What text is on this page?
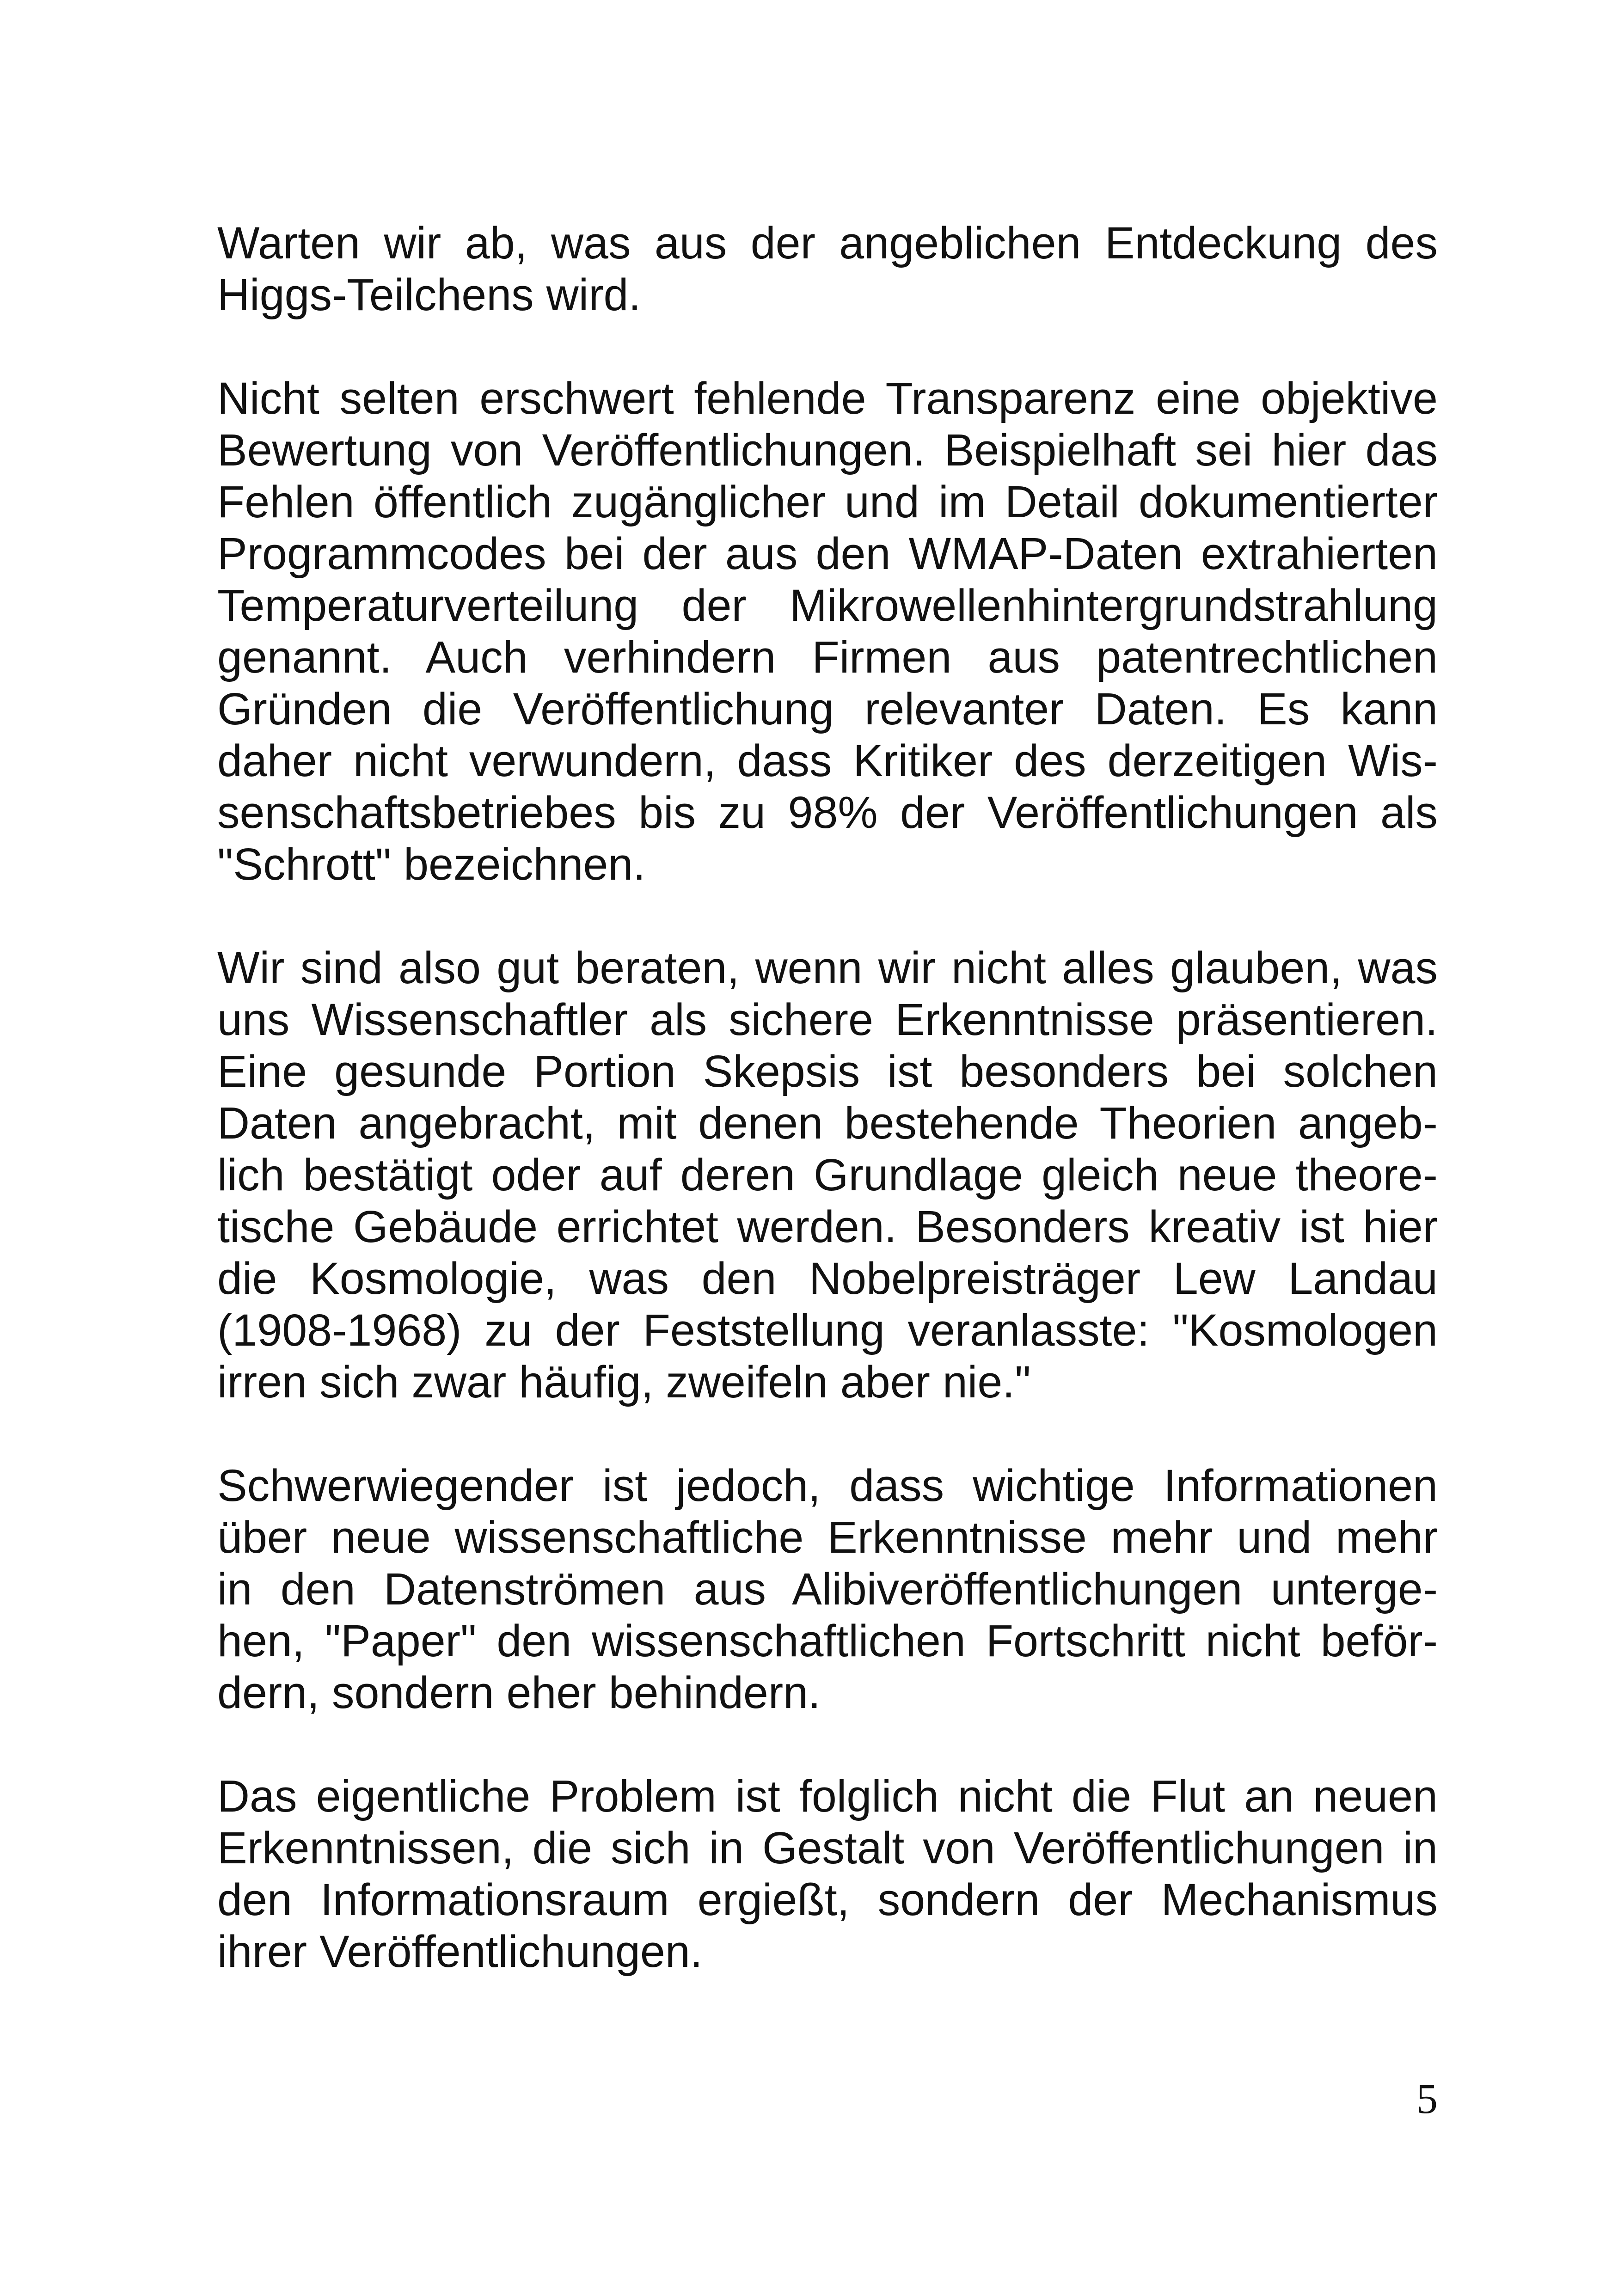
Warten wir ab, was aus der angeblichen Entdeckung des
Higgs-Teilchens wird.
Nicht selten erschwert fehlende Transparenz eine objektive
Bewertung von Veröffentlichungen. Beispielhaft sei hier das
Fehlen öffentlich zugänglicher und im Detail dokumentierter
Programmcodes bei der aus den WMAP-Daten extrahierten
Temperaturverteilung der Mikrowellenhintergrundstrahlung
genannt. Auch verhindern Firmen aus patentrechtlichen
Gründen die Veröffentlichung relevanter Daten. Es kann
daher nicht verwundern, dass Kritiker des derzeitigen Wis-
senschaftsbetriebes bis zu 98% der Veröffentlichungen als
"Schrott" bezeichnen.
Wir sind also gut beraten, wenn wir nicht alles glauben, was
uns Wissenschaftler als sichere Erkenntnisse präsentieren.
Eine gesunde Portion Skepsis ist besonders bei solchen
Daten angebracht, mit denen bestehende Theorien angeb-
lich bestätigt oder auf deren Grundlage gleich neue theore-
tische Gebäude errichtet werden. Besonders kreativ ist hier
die Kosmologie, was den Nobelpreisträger Lew Landau
(1908-1968) zu der Feststellung veranlasste: "Kosmologen
irren sich zwar häufig, zweifeln aber nie."
Schwerwiegender ist jedoch, dass wichtige Informationen
über neue wissenschaftliche Erkenntnisse mehr und mehr
in den Datenströmen aus Alibiveröffentlichungen unterge-
hen, "Paper" den wissenschaftlichen Fortschritt nicht beför-
dern, sondern eher behindern.
Das eigentliche Problem ist folglich nicht die Flut an neuen
Erkenntnissen, die sich in Gestalt von Veröffentlichungen in
den Informationsraum ergießt, sondern der Mechanismus
ihrer Veröffentlichungen.
5
